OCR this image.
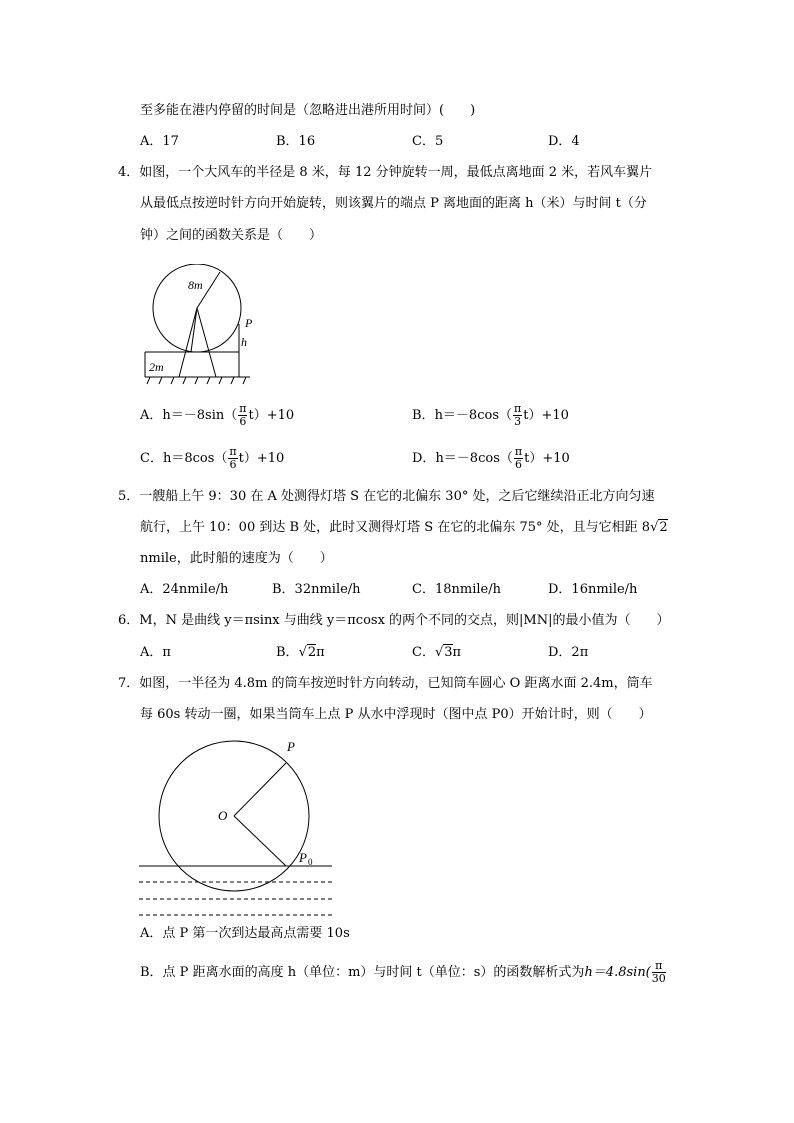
至多能在港内停留的时间是（忽略进出港所用时间）(　　)
A．17	B．16	C．5	D．4
4．如图，一个大风车的半径是 8 米，每 12 分钟旋转一周，最低点离地面 2 米，若风车翼片
从最低点按逆时针方向开始旋转，则该翼片的端点 P 离地面的距离 h（米）与时间 t（分
钟）之间的函数关系是（　　）
8m
P
h
2m
A．$h=-8\sin( \frac{\pi}{6} t)+10$	B．$h=-8\cos( \frac{\pi}{3} t)+10$
C．$h=8\cos( \frac{\pi}{6} t)+10$	D．$h=-8\cos( \frac{\pi}{6} t)+10$
5．一艘船上午 9：30 在 A 处测得灯塔 S 在它的北偏东 30° 处，之后它继续沿正北方向匀速
航行，上午 10：00 到达 B 处，此时又测得灯塔 S 在它的北偏东 75° 处，且与它相距 8√2
nmile，此时船的速度为（　　）
A．24nmile/h	B．32nmile/h	C．18nmile/h	D．16nmile/h
6．M，N 是曲线 y＝πsinx 与曲线 y＝πcosx 的两个不同的交点，则|MN|的最小值为（　　）
A．π	B．√2π	C．√3π	D．2π
7．如图，一半径为 4.8m 的筒车按逆时针方向转动，已知筒车圆心 O 距离水面 2.4m，筒车
每 60s 转动一圈，如果当筒车上点 P 从水中浮现时（图中点 P0）开始计时，则（　　）
P
O
P 0
A．点 P 第一次到达最高点需要 10s
B．点 P 距离水面的高度 h（单位：m）与时间 t（单位：s）的函数解析式为$h=4.8\sin( \frac{\pi}{30}$
